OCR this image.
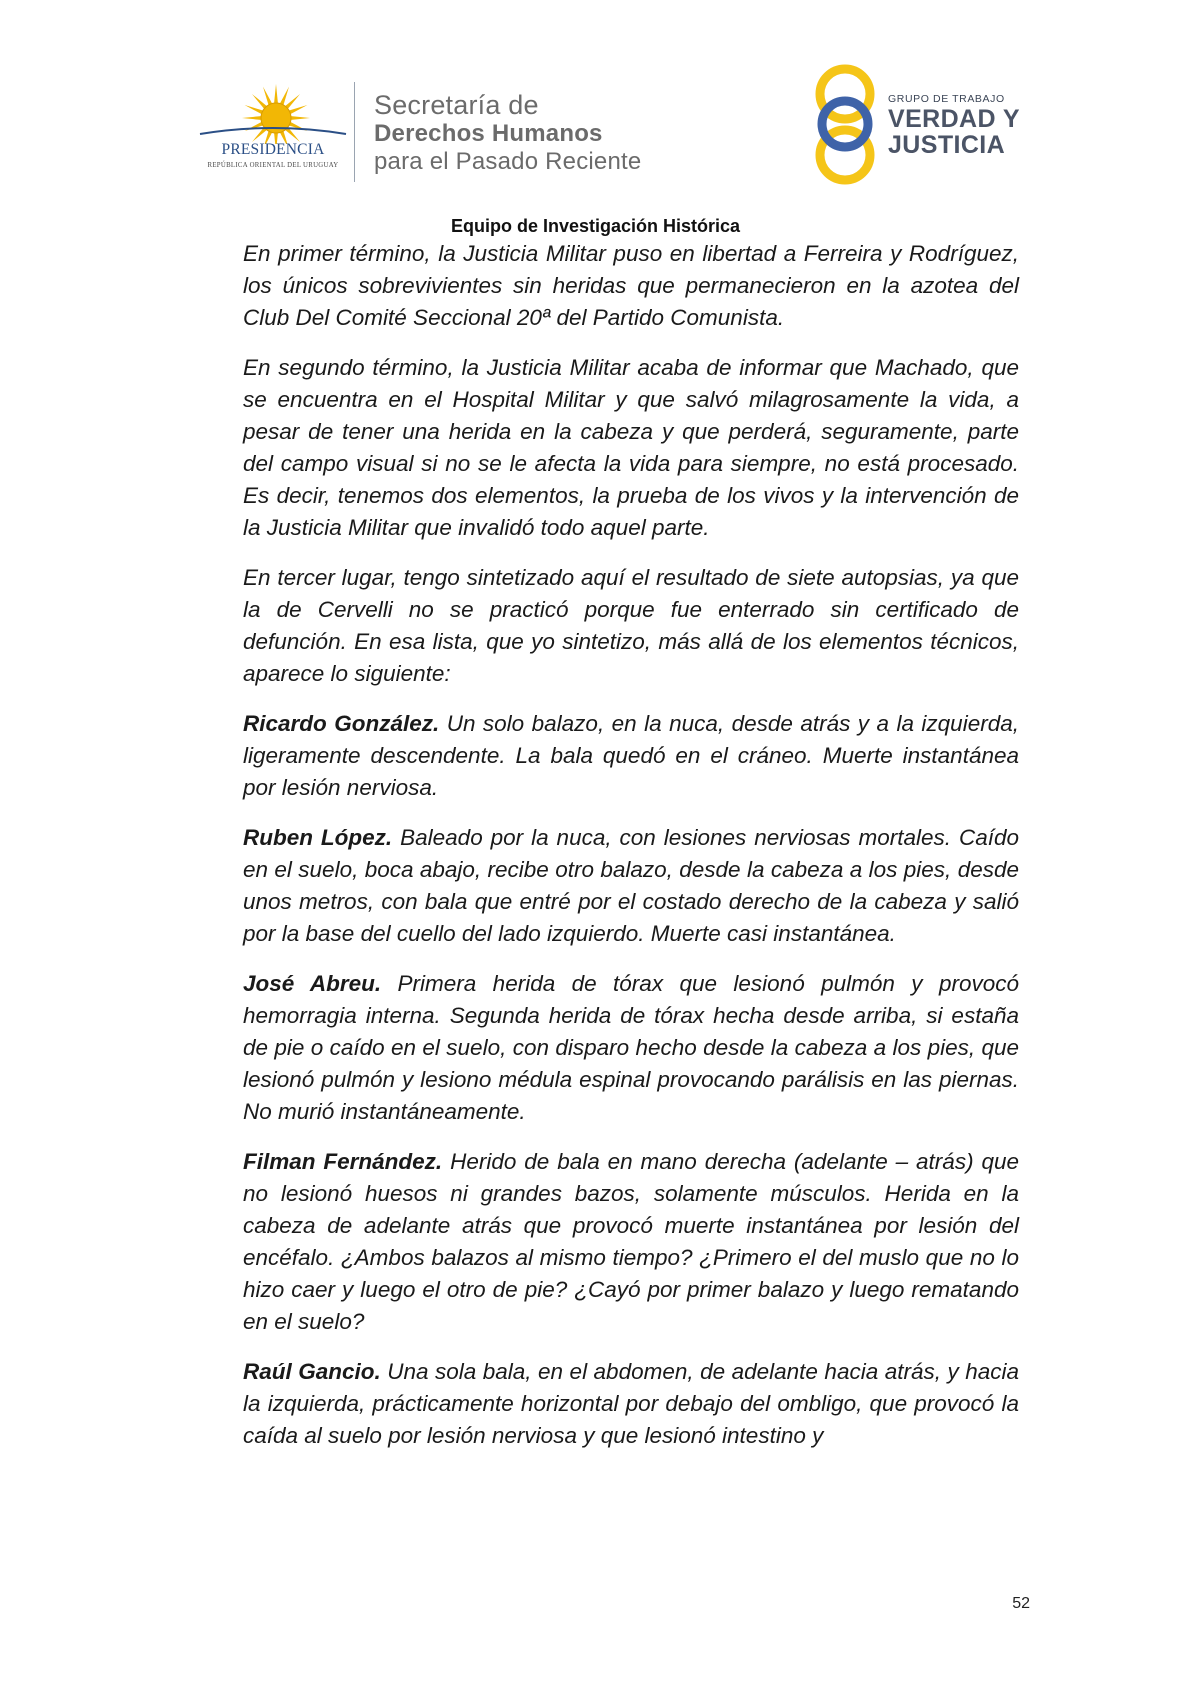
PRESIDENCIA
REPÚBLICA ORIENTAL DEL URUGUAY
Secretaría de
Derechos Humanos
para el Pasado Reciente
GRUPO DE TRABAJO
VERDAD Y
JUSTICIA
Equipo de Investigación Histórica

En primer término, la Justicia Militar puso en libertad a Ferreira y Rodríguez, los únicos sobrevivientes sin heridas que permanecieron en la azotea del Club Del Comité Seccional 20ª del Partido Comunista.

En segundo término, la Justicia Militar acaba de informar que Machado, que se encuentra en el Hospital Militar y que salvó milagrosamente la vida, a pesar de tener una herida en la cabeza y que perderá, seguramente, parte del campo visual si no se le afecta la vida para siempre, no está procesado. Es decir, tenemos dos elementos, la prueba de los vivos y la intervención de la Justicia Militar que invalidó todo aquel parte.

En tercer lugar, tengo sintetizado aquí el resultado de siete autopsias, ya que la de Cervelli no se practicó porque fue enterrado sin certificado de defunción. En esa lista, que yo sintetizo, más allá de los elementos técnicos, aparece lo siguiente:

Ricardo González. Un solo balazo, en la nuca, desde atrás y a la izquierda, ligeramente descendente. La bala quedó en el cráneo. Muerte instantánea por lesión nerviosa.

Ruben López. Baleado por la nuca, con lesiones nerviosas mortales. Caído en el suelo, boca abajo, recibe otro balazo, desde la cabeza a los pies, desde unos metros, con bala que entré por el costado derecho de la cabeza y salió por la base del cuello del lado izquierdo. Muerte casi instantánea.

José Abreu. Primera herida de tórax que lesionó pulmón y provocó hemorragia interna. Segunda herida de tórax hecha desde arriba, si estaña de pie o caído en el suelo, con disparo hecho desde la cabeza a los pies, que lesionó pulmón y lesiono médula espinal provocando parálisis en las piernas. No murió instantáneamente.

Filman Fernández. Herido de bala en mano derecha (adelante – atrás) que no lesionó huesos ni grandes bazos, solamente músculos. Herida en la cabeza de adelante atrás que provocó muerte instantánea por lesión del encéfalo. ¿Ambos balazos al mismo tiempo? ¿Primero el del muslo que no lo hizo caer y luego el otro de pie? ¿Cayó por primer balazo y luego rematando en el suelo?

Raúl Gancio. Una sola bala, en el abdomen, de adelante hacia atrás, y hacia la izquierda, prácticamente horizontal por debajo del ombligo, que provocó la caída al suelo por lesión nerviosa y que lesionó intestino y

52
